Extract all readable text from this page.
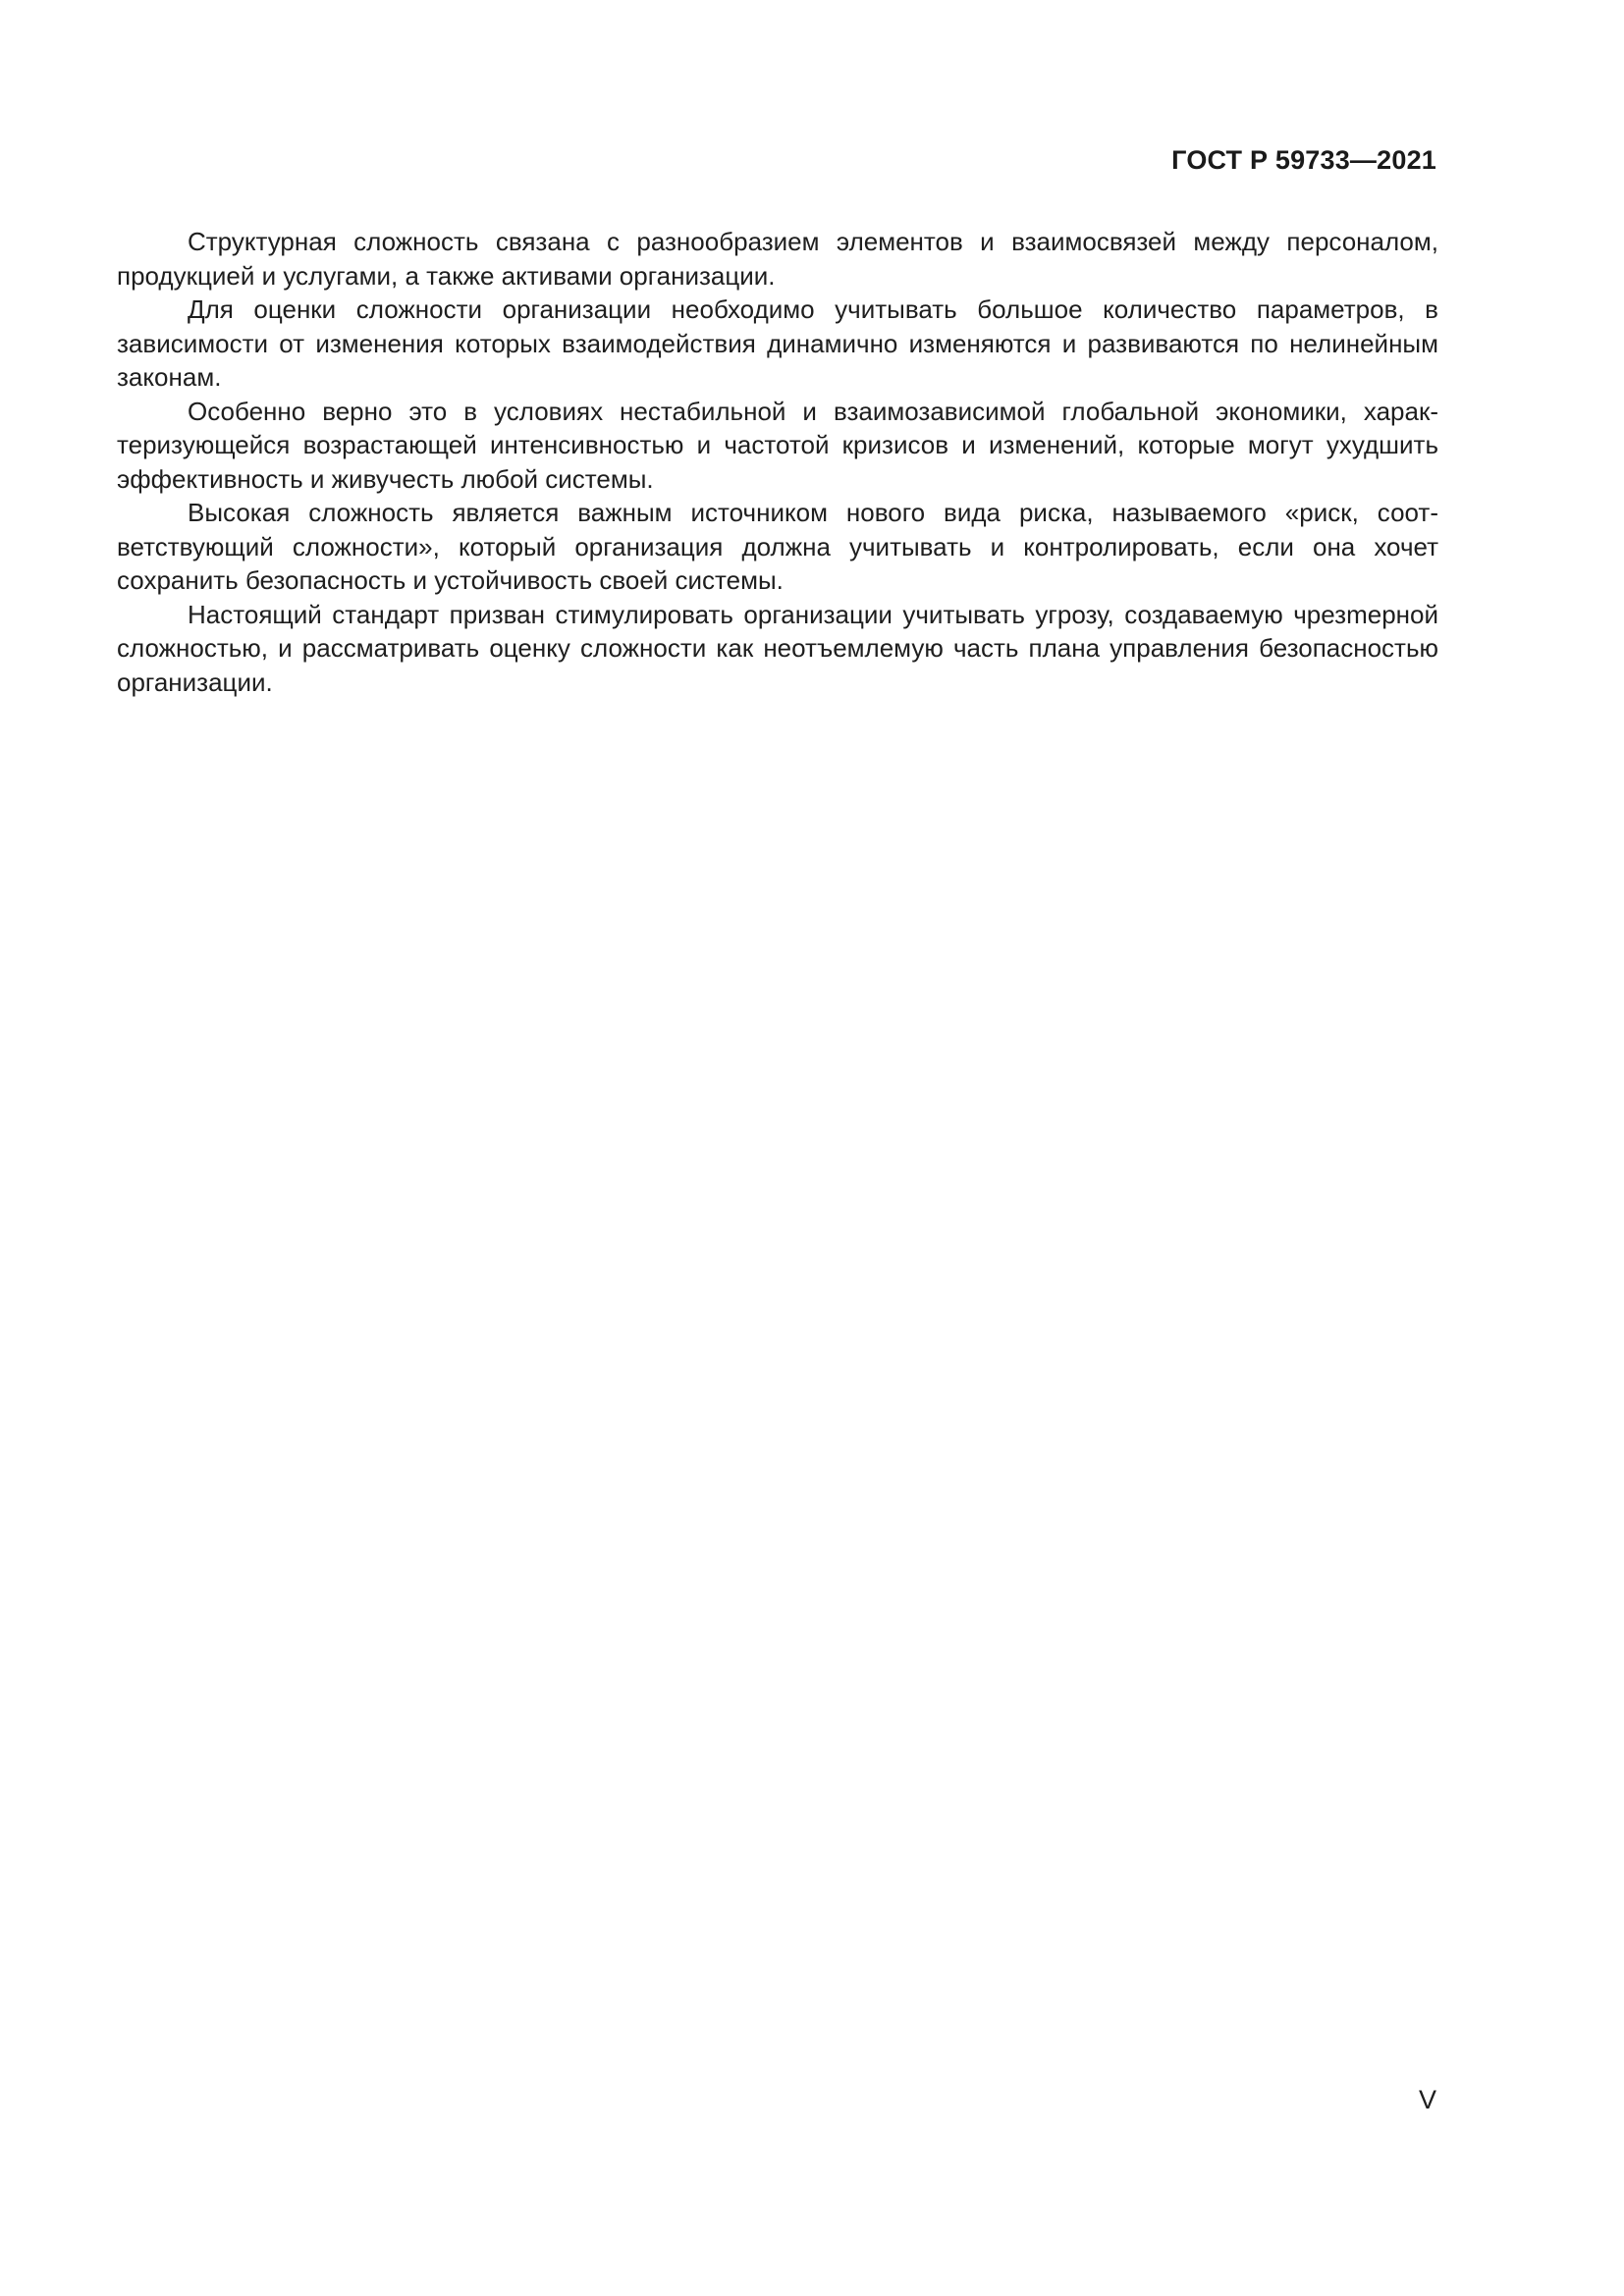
ГОСТ Р 59733—2021

Структурная сложность связана с разнообразием элементов и взаимосвязей между персоналом, продукцией и услугами, а также активами организации.

Для оценки сложности организации необходимо учитывать большое количество параметров, в зависимости от изменения которых взаимодействия динамично изменяются и развиваются по нелинейным законам.

Особенно верно это в условиях нестабильной и взаимозависимой глобальной экономики, характеризующейся возрастающей интенсивностью и частотой кризисов и изменений, которые могут ухудшить эффективность и живучесть любой системы.

Высокая сложность является важным источником нового вида риска, называемого «риск, соответствующий сложности», который организация должна учитывать и контролировать, если она хочет сохранить безопасность и устойчивость своей системы.

Настоящий стандарт призван стимулировать организации учитывать угрозу, создаваемую чрезmерной сложностью, и рассматривать оценку сложности как неотъемлемую часть плана управления безопасностью организации.

V
